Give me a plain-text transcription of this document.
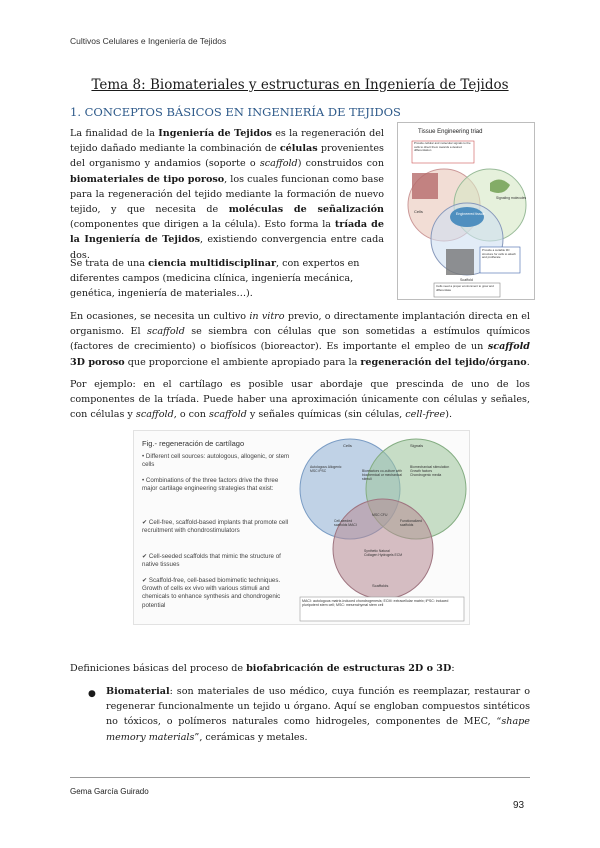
Cultivos Celulares e Ingeniería de Tejidos
Tema 8: Biomateriales y estructuras en Ingeniería de Tejidos
1. CONCEPTOS BÁSICOS EN INGENIERÍA DE TEJIDOS
La finalidad de la Ingeniería de Tejidos es la regeneración del tejido dañado mediante la combinación de células provenientes del organismo y andamios (soporte o scaffold) construidos con biomateriales de tipo poroso, los cuales funcionan como base para la regeneración del tejido mediante la formación de nuevo tejido, y que necesita de moléculas de señalización (componentes que dirigen a la célula). Esto forma la tríada de la Ingeniería de Tejidos, existiendo convergencia entre cada dos.
Se trata de una ciencia multidisciplinar, con expertos en diferentes campos (medicina clínica, ingeniería mecánica, genética, ingeniería de materiales…).
Tissue Engineering triad
Engineered tissue
Cells
Signaling molecules
Scaffold
Provide cellular and molecular signals to the cells to direct them towards a desired differentiation
Provide a suitable 3D structure for cells to attach and proliferate
Cells need a proper environment to grow and differentiate
En ocasiones, se necesita un cultivo in vitro previo, o directamente implantación directa en el organismo. El scaffold se siembra con células que son sometidas a estímulos químicos (factores de crecimiento) o biofísicos (bioreactor). Es importante el empleo de un scaffold 3D poroso que proporcione el ambiente apropiado para la regeneración del tejido/órgano.
Por ejemplo: en el cartílago es posible usar abordaje que prescinda de uno de los componentes de la tríada. Puede haber una aproximación únicamente con células y señales, con células y scaffold, o con scaffold y señales químicas (sin células, cell-free).
Fig.- regeneración de cartílago
• Different cell sources: autologous, allogenic, or stem cells
• Combinations of the three factors drive the three major cartilage engineering strategies that exist:
✔ Cell-free, scaffold-based implants that promote cell recruitment with chondrostimulators
✔ Cell-seeded scaffolds that mimic the structure of native tissues
✔ Scaffold-free, cell-based biomimetic techniques. Growth of cells ex vivo with various stimuli and chemicals to enhance synthesis and chondrogenic potential
Cells	Signals
Scaffolds
Autologous Allogenic MSC iPSC
Biomechanical stimulation Growth factors Chondrogenic media
Bioreactors co-culture with biochemical or mechanical stimuli
MSC CFU
Cell-seeded scaffolds MACI
Functionalized scaffolds
Synthetic Natural Collagen Hydrogels ECM
MACI: autologous matrix-induced chondrogenesis; ECM: extracellular matrix; iPSC: induced pluripotent stem cell; MSC: mesenchymal stem cell
Definiciones básicas del proceso de biofabricación de estructuras 2D o 3D:
● Biomaterial: son materiales de uso médico, cuya función es reemplazar, restaurar o regenerar funcionalmente un tejido u órgano. Aquí se engloban compuestos sintéticos no tóxicos, o polímeros naturales como hidrogeles, componentes de MEC, “shape memory materials”, cerámicas y metales.
Gema García Guirado
93
